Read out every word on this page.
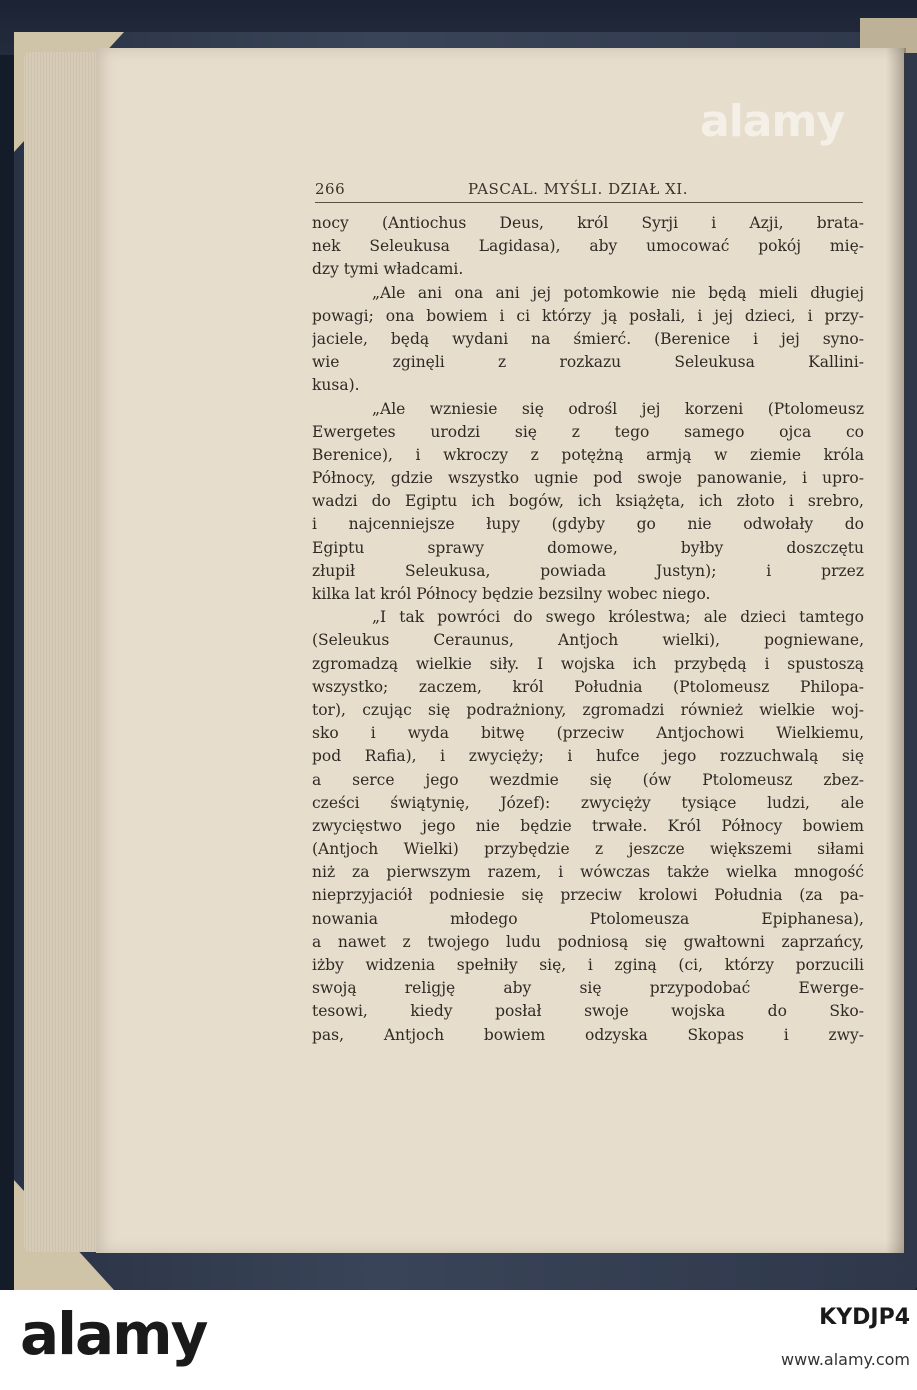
alamy
266	PASCAL. MYŚLI. DZIAŁ XI.
nocy (Antiochus Deus, król Syrji i Azji, brata-
nek Seleukusa Lagidasa), aby umocować pokój mię-
dzy tymi władcami.
„Ale ani ona ani jej potomkowie nie będą mieli długiej
powagi; ona bowiem i ci którzy ją posłali, i jej dzieci, i przy-
jaciele, będą wydani na śmierć. (Berenice i jej syno-
wie zginęli z rozkazu Seleukusa Kallini-
kusa).
„Ale wzniesie się odrośl jej korzeni (Ptolomeusz
Ewergetes urodzi się z tego samego ojca co
Berenice), i wkroczy z potężną armją w ziemie króla
Północy, gdzie wszystko ugnie pod swoje panowanie, i upro-
wadzi do Egiptu ich bogów, ich książęta, ich złoto i srebro,
i najcenniejsze łupy (gdyby go nie odwołały do
Egiptu sprawy domowe, byłby doszczętu
złupił Seleukusa, powiada Justyn); i przez
kilka lat król Północy będzie bezsilny wobec niego.
„I tak powróci do swego królestwa; ale dzieci tamtego
(Seleukus Ceraunus, Antjoch wielki), pogniewane,
zgromadzą wielkie siły. I wojska ich przybędą i spustoszą
wszystko; zaczem, król Południa (Ptolomeusz Philopa-
tor), czując się podrażniony, zgromadzi również wielkie woj-
sko i wyda bitwę (przeciw Antjochowi Wielkiemu,
pod Rafia), i zwycięży; i hufce jego rozzuchwalą się
a serce jego wezdmie się (ów Ptolomeusz zbez-
cześci świątynię, Józef): zwycięży tysiące ludzi, ale
zwycięstwo jego nie będzie trwałe. Król Północy bowiem
(Antjoch Wielki) przybędzie z jeszcze większemi siłami
niż za pierwszym razem, i wówczas także wielka mnogość
nieprzyjaciół podniesie się przeciw krolowi Południa (za pa-
nowania młodego Ptolomeusza Epiphanesa),
a nawet z twojego ludu podniosą się gwałtowni zaprzańcy,
iżby widzenia spełniły się, i zginą (ci, którzy porzucili
swoją religję aby się przypodobać Ewerge-
tesowi, kiedy posłał swoje wojska do Sko-
pas, Antjoch bowiem odzyska Skopas i zwy-
alamy	KYDJP4
www.alamy.com
